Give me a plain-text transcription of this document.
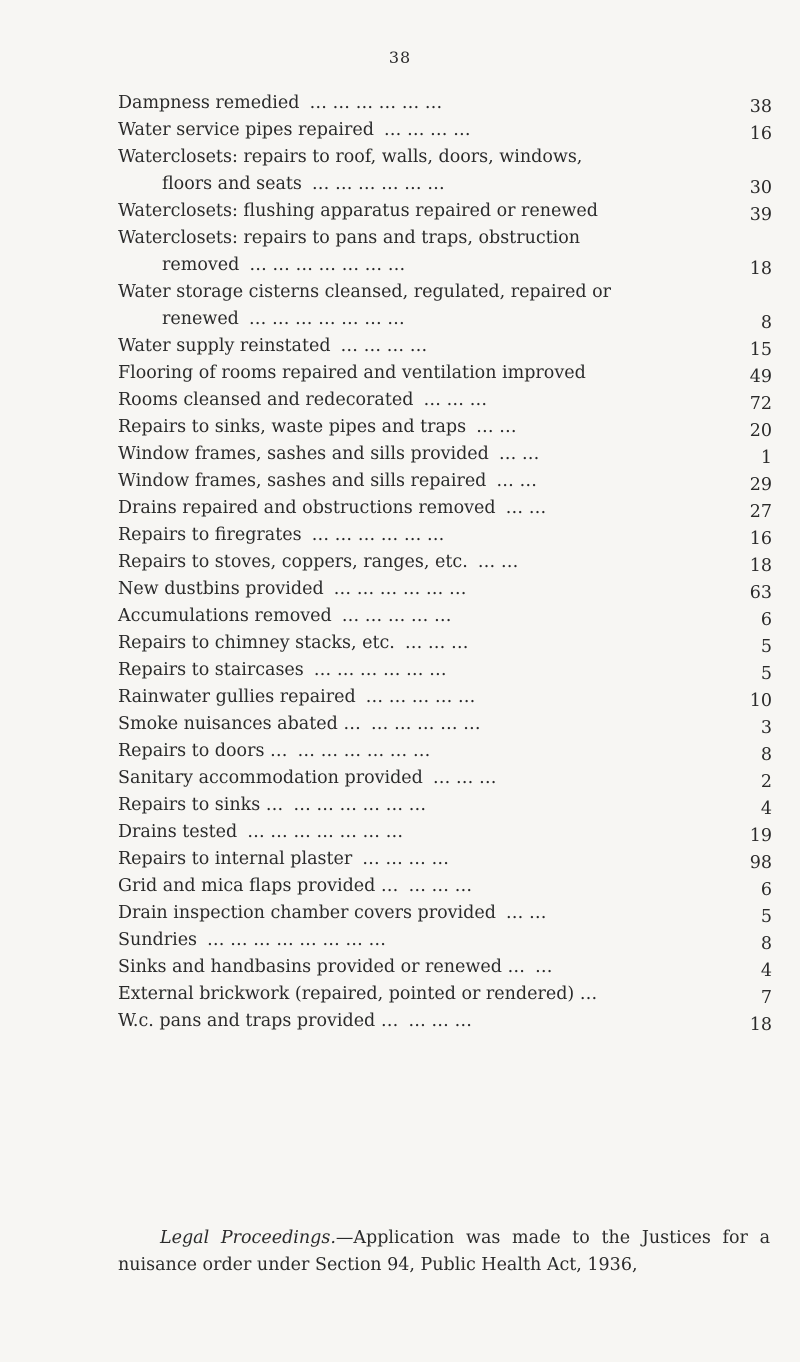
38
Dampness remedied … … … … … …	38
Water service pipes repaired … … … …	16
Waterclosets: repairs to roof, walls, doors, windows,
floors and seats … … … … … …	30
Waterclosets: flushing apparatus repaired or renewed	39
Waterclosets: repairs to pans and traps, obstruction
removed … … … … … … …	18
Water storage cisterns cleansed, regulated, repaired or
renewed … … … … … … …	8
Water supply reinstated … … … …	15
Flooring of rooms repaired and ventilation improved	49
Rooms cleansed and redecorated … … …	72
Repairs to sinks, waste pipes and traps … …	20
Window frames, sashes and sills provided … …	1
Window frames, sashes and sills repaired … …	29
Drains repaired and obstructions removed … …	27
Repairs to firegrates … … … … … …	16
Repairs to stoves, coppers, ranges, etc. … …	18
New dustbins provided … … … … … …	63
Accumulations removed … … … … …	6
Repairs to chimney stacks, etc. … … …	5
Repairs to staircases … … … … … …	5
Rainwater gullies repaired … … … … …	10
Smoke nuisances abated … … … … … …	3
Repairs to doors … … … … … … …	8
Sanitary accommodation provided … … …	2
Repairs to sinks … … … … … … …	4
Drains tested … … … … … … …	19
Repairs to internal plaster … … … …	98
Grid and mica flaps provided … … … …	6
Drain inspection chamber covers provided … …	5
Sundries … … … … … … … …	8
Sinks and handbasins provided or renewed … …	4
External brickwork (repaired, pointed or rendered) …	7
W.c. pans and traps provided … … … …	18
Legal Proceedings.—Application was made to the Justices for a nuisance order under Section 94, Public Health Act, 1936,
